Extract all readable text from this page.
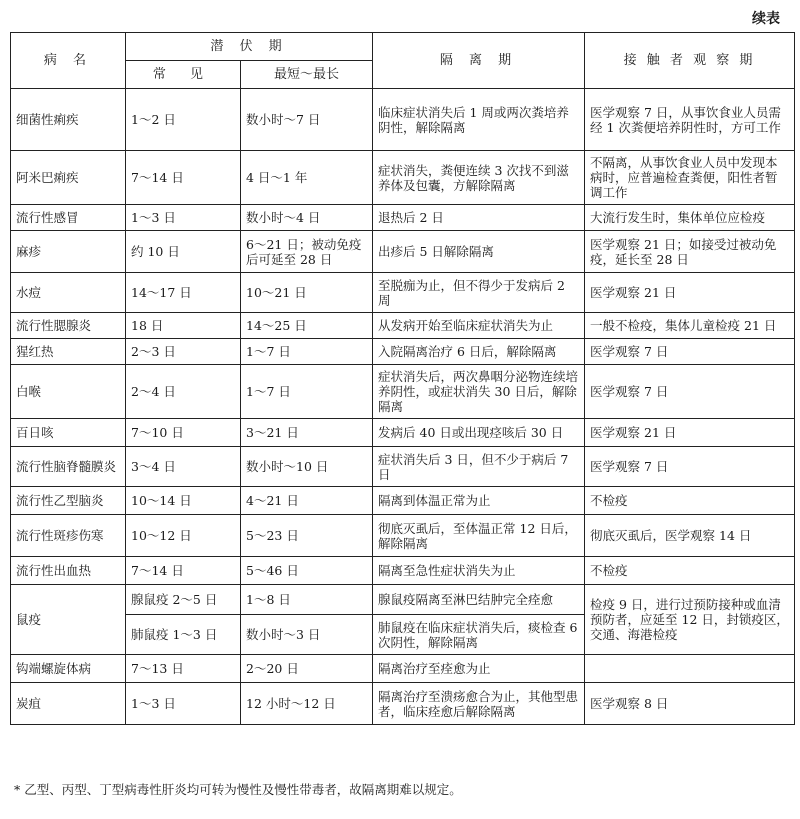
续表
病 名	潜 伏 期		隔 离 期	接 触 者 观 察 期
	常 见	最短～最长		
细菌性痢疾	1～2 日	数小时～7 日	临床症状消失后 1 周或两次粪培养阴性，解除隔离	医学观察 7 日，从事饮食业人员需经 1 次粪便培养阴性时，方可工作
阿米巴痢疾	7～14 日	4 日～1 年	症状消失，粪便连续 3 次找不到滋养体及包囊，方解除隔离	不隔离，从事饮食业人员中发现本病时，应普遍检查粪便，阳性者暂调工作
流行性感冒	1～3 日	数小时～4 日	退热后 2 日	大流行发生时，集体单位应检疫
麻疹	约 10 日	6～21 日；被动免疫后可延至 28 日	出疹后 5 日解除隔离	医学观察 21 日；如接受过被动免疫，延长至 28 日
水痘	14～17 日	10～21 日	至脱痂为止，但不得少于发病后 2 周	医学观察 21 日
流行性腮腺炎	18 日	14～25 日	从发病开始至临床症状消失为止	一般不检疫，集体儿童检疫 21 日
猩红热	2～3 日	1～7 日	入院隔离治疗 6 日后，解除隔离	医学观察 7 日
白喉	2～4 日	1～7 日	症状消失后，两次鼻咽分泌物连续培养阴性，或症状消失 30 日后，解除隔离	医学观察 7 日
百日咳	7～10 日	3～21 日	发病后 40 日或出现痉咳后 30 日	医学观察 21 日
流行性脑脊髓膜炎	3～4 日	数小时～10 日	症状消失后 3 日，但不少于病后 7 日	医学观察 7 日
流行性乙型脑炎	10～14 日	4～21 日	隔离到体温正常为止	不检疫
流行性斑疹伤寒	10～12 日	5～23 日	彻底灭虱后，至体温正常 12 日后，解除隔离	彻底灭虱后，医学观察 14 日
流行性出血热	7～14 日	5～46 日	隔离至急性症状消失为止	不检疫
鼠疫	腺鼠疫 2～5 日	1～8 日	腺鼠疫隔离至淋巴结肿完全痊愈	检疫 9 日，进行过预防接种或血清预防者，应延至 12 日，封锁疫区，交通、海港检疫
	肺鼠疫 1～3 日	数小时～3 日	肺鼠疫在临床症状消失后，痰检查 6 次阴性，解除隔离	
钩端螺旋体病	7～13 日	2～20 日	隔离治疗至痊愈为止	
炭疽	1～3 日	12 小时～12 日	隔离治疗至溃疡愈合为止，其他型患者，临床痊愈后解除隔离	医学观察 8 日
* 乙型、丙型、丁型病毒性肝炎均可转为慢性及慢性带毒者，故隔离期难以规定。
